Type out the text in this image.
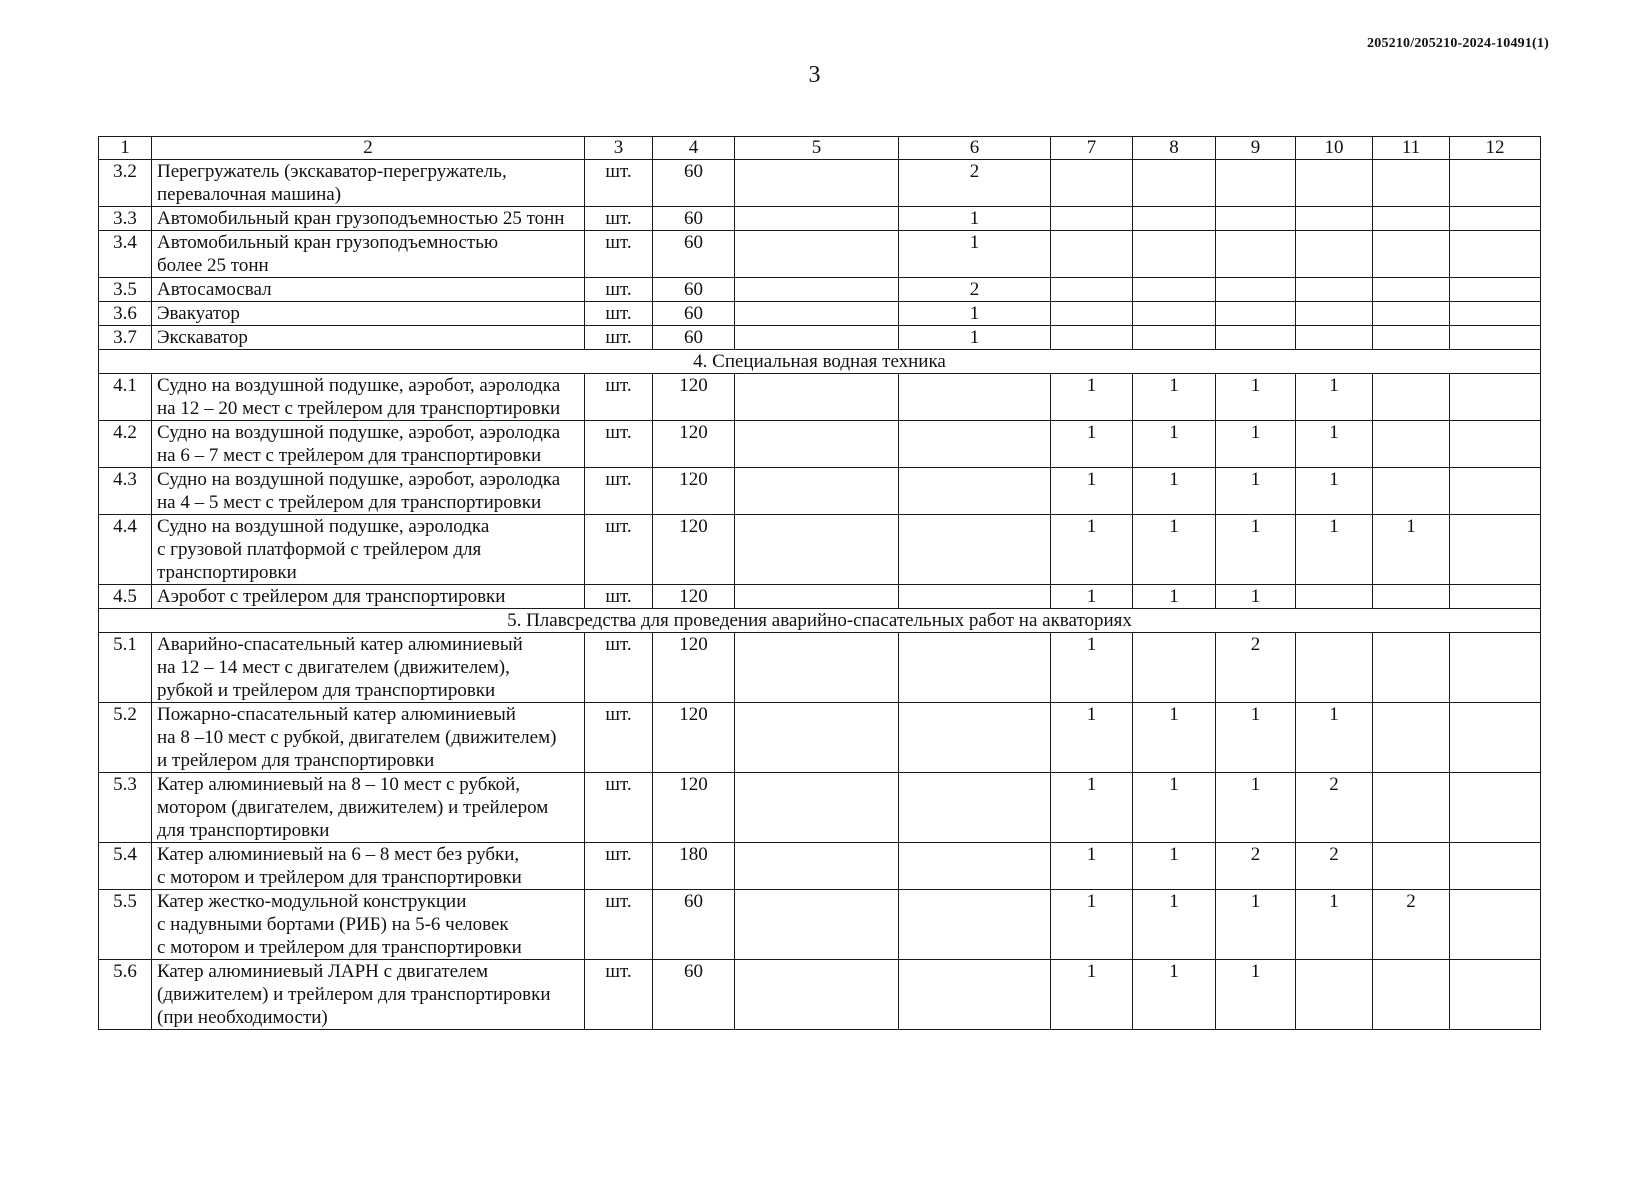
205210/205210-2024-10491(1)
3
1	2	3	4	5	6	7	8	9	10	11	12
3.2	Перегружатель (экскаватор-перегружатель,
перевалочная машина)	шт.	60		2						
3.3	Автомобильный кран грузоподъемностью 25 тонн	шт.	60		1						
3.4	Автомобильный кран грузоподъемностью
более 25 тонн	шт.	60		1						
3.5	Автосамосвал	шт.	60		2						
3.6	Эвакуатор	шт.	60		1						
3.7	Экскаватор	шт.	60		1						
4. Специальная водная техника											
4.1	Судно на воздушной подушке, аэробот, аэролодка
на 12 – 20 мест с трейлером для транспортировки	шт.	120			1	1	1	1		
4.2	Судно на воздушной подушке, аэробот, аэролодка
на 6 – 7 мест с трейлером для транспортировки	шт.	120			1	1	1	1		
4.3	Судно на воздушной подушке, аэробот, аэролодка
на 4 – 5 мест с трейлером для транспортировки	шт.	120			1	1	1	1		
4.4	Судно на воздушной подушке, аэролодка
с грузовой платформой с трейлером для
транспортировки	шт.	120			1	1	1	1	1	
4.5	Аэробот с трейлером для транспортировки	шт.	120			1	1	1			
5. Плавсредства для проведения аварийно-спасательных работ на акваториях											
5.1	Аварийно-спасательный катер алюминиевый
на 12 – 14 мест с двигателем (движителем),
рубкой и трейлером для транспортировки	шт.	120			1		2			
5.2	Пожарно-спасательный катер алюминиевый
на 8 –10 мест с рубкой, двигателем (движителем)
и трейлером для транспортировки	шт.	120			1	1	1	1		
5.3	Катер алюминиевый на 8 – 10 мест с рубкой,
мотором (двигателем, движителем) и трейлером
для транспортировки	шт.	120			1	1	1	2		
5.4	Катер алюминиевый на 6 – 8 мест без рубки,
с мотором и трейлером для транспортировки	шт.	180			1	1	2	2		
5.5	Катер жестко-модульной конструкции
с надувными бортами (РИБ) на 5-6 человек
с мотором и трейлером для транспортировки	шт.	60			1	1	1	1	2	
5.6	Катер алюминиевый ЛАРН с двигателем
(движителем) и трейлером для транспортировки
(при необходимости)	шт.	60			1	1	1			
